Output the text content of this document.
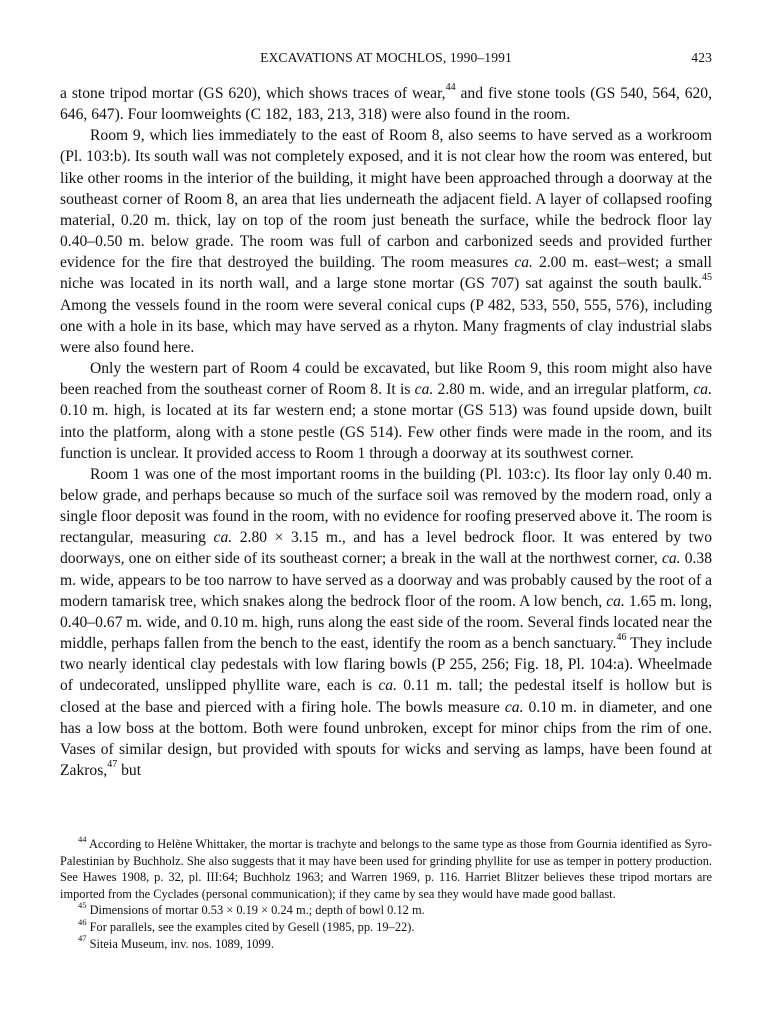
EXCAVATIONS AT MOCHLOS, 1990–1991	423

a stone tripod mortar (GS 620), which shows traces of wear,$^{44}$ and five stone tools (GS 540, 564, 620, 646, 647). Four loomweights (C 182, 183, 213, 318) were also found in the room.

Room 9, which lies immediately to the east of Room 8, also seems to have served as a workroom (Pl. 103:b). Its south wall was not completely exposed, and it is not clear how the room was entered, but like other rooms in the interior of the building, it might have been approached through a doorway at the southeast corner of Room 8, an area that lies underneath the adjacent field. A layer of collapsed roofing material, 0.20 m. thick, lay on top of the room just beneath the surface, while the bedrock floor lay 0.40–0.50 m. below grade. The room was full of carbon and carbonized seeds and provided further evidence for the fire that destroyed the building. The room measures ca. 2.00 m. east–west; a small niche was located in its north wall, and a large stone mortar (GS 707) sat against the south baulk.$^{45}$ Among the vessels found in the room were several conical cups (P 482, 533, 550, 555, 576), including one with a hole in its base, which may have served as a rhyton. Many fragments of clay industrial slabs were also found here.

Only the western part of Room 4 could be excavated, but like Room 9, this room might also have been reached from the southeast corner of Room 8. It is ca. 2.80 m. wide, and an irregular platform, ca. 0.10 m. high, is located at its far western end; a stone mortar (GS 513) was found upside down, built into the platform, along with a stone pestle (GS 514). Few other finds were made in the room, and its function is unclear. It provided access to Room 1 through a doorway at its southwest corner.

Room 1 was one of the most important rooms in the building (Pl. 103:c). Its floor lay only 0.40 m. below grade, and perhaps because so much of the surface soil was removed by the modern road, only a single floor deposit was found in the room, with no evidence for roofing preserved above it. The room is rectangular, measuring ca. 2.80 × 3.15 m., and has a level bedrock floor. It was entered by two doorways, one on either side of its southeast corner; a break in the wall at the northwest corner, ca. 0.38 m. wide, appears to be too narrow to have served as a doorway and was probably caused by the root of a modern tamarisk tree, which snakes along the bedrock floor of the room. A low bench, ca. 1.65 m. long, 0.40–0.67 m. wide, and 0.10 m. high, runs along the east side of the room. Several finds located near the middle, perhaps fallen from the bench to the east, identify the room as a bench sanctuary.$^{46}$ They include two nearly identical clay pedestals with low flaring bowls (P 255, 256; Fig. 18, Pl. 104:a). Wheelmade of undecorated, unslipped phyllite ware, each is ca. 0.11 m. tall; the pedestal itself is hollow but is closed at the base and pierced with a firing hole. The bowls measure ca. 0.10 m. in diameter, and one has a low boss at the bottom. Both were found unbroken, except for minor chips from the rim of one. Vases of similar design, but provided with spouts for wicks and serving as lamps, have been found at Zakros,$^{47}$ but

$^{44}$ According to Helène Whittaker, the mortar is trachyte and belongs to the same type as those from Gournia identified as Syro-Palestinian by Buchholz. She also suggests that it may have been used for grinding phyllite for use as temper in pottery production. See Hawes 1908, p. 32, pl. III:64; Buchholz 1963; and Warren 1969, p. 116. Harriet Blitzer believes these tripod mortars are imported from the Cyclades (personal communication); if they came by sea they would have made good ballast.

$^{45}$ Dimensions of mortar 0.53 × 0.19 × 0.24 m.; depth of bowl 0.12 m.

$^{46}$ For parallels, see the examples cited by Gesell (1985, pp. 19–22).

$^{47}$ Siteia Museum, inv. nos. 1089, 1099.
